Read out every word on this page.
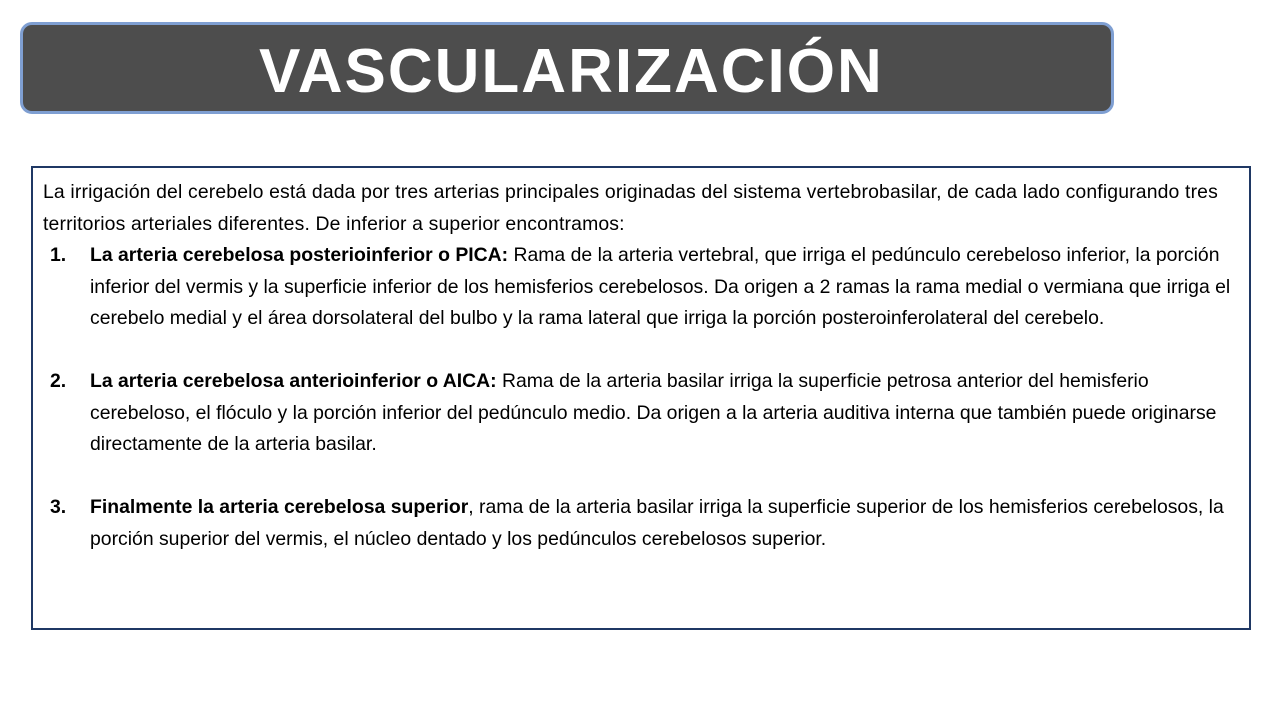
VASCULARIZACIÓN

La irrigación del cerebelo está dada por tres arterias principales originadas del sistema vertebrobasilar, de cada lado configurando tres territorios arteriales diferentes. De inferior a superior encontramos:

1. La arteria cerebelosa posterioinferior o PICA: Rama de la arteria vertebral, que irriga el pedúnculo cerebeloso inferior, la porción inferior del vermis y la superficie inferior de los hemisferios cerebelosos. Da origen a 2 ramas la rama medial o vermiana que irriga el cerebelo medial y el área dorsolateral del bulbo y la rama lateral que irriga la porción posteroinferolateral del cerebelo.
2. La arteria cerebelosa anterioinferior o AICA: Rama de la arteria basilar irriga la superficie petrosa anterior del hemisferio cerebeloso, el flóculo y la porción inferior del pedúnculo medio. Da origen a la arteria auditiva interna que también puede originarse directamente de la arteria basilar.
3. Finalmente la arteria cerebelosa superior, rama de la arteria basilar irriga la superficie superior de los hemisferios cerebelosos, la porción superior del vermis, el núcleo dentado y los pedúnculos cerebelosos superior.
